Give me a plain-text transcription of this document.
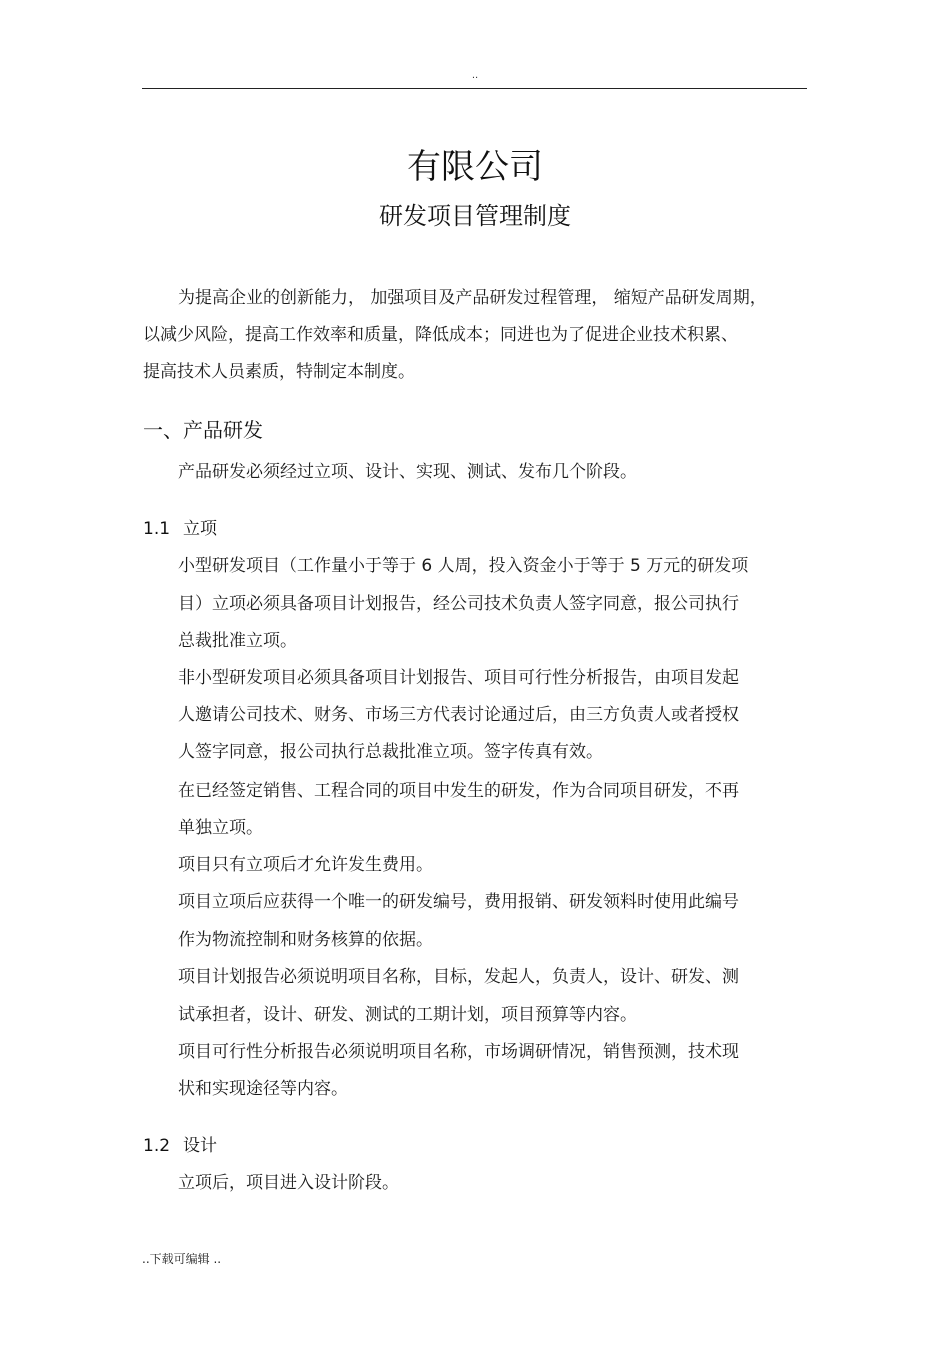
..
有限公司
研发项目管理制度
为提高企业的创新能力， 加强项目及产品研发过程管理， 缩短产品研发周期，
以减少风险，提高工作效率和质量，降低成本；同进也为了促进企业技术积累、
提高技术人员素质，特制定本制度。
一、产品研发
产品研发必须经过立项、设计、实现、测试、发布几个阶段。
1.1 立项
小型研发项目（工作量小于等于 6 人周，投入资金小于等于 5 万元的研发项
目）立项必须具备项目计划报告，经公司技术负责人签字同意，报公司执行
总裁批准立项。
非小型研发项目必须具备项目计划报告、项目可行性分析报告，由项目发起
人邀请公司技术、财务、市场三方代表讨论通过后，由三方负责人或者授权
人签字同意，报公司执行总裁批准立项。签字传真有效。
在已经签定销售、工程合同的项目中发生的研发，作为合同项目研发，不再
单独立项。
项目只有立项后才允许发生费用。
项目立项后应获得一个唯一的研发编号，费用报销、研发领料时使用此编号
作为物流控制和财务核算的依据。
项目计划报告必须说明项目名称，目标，发起人，负责人，设计、研发、测
试承担者，设计、研发、测试的工期计划，项目预算等内容。
项目可行性分析报告必须说明项目名称，市场调研情况，销售预测，技术现
状和实现途径等内容。
1.2 设计
立项后，项目进入设计阶段。
..下载可编辑 ..
